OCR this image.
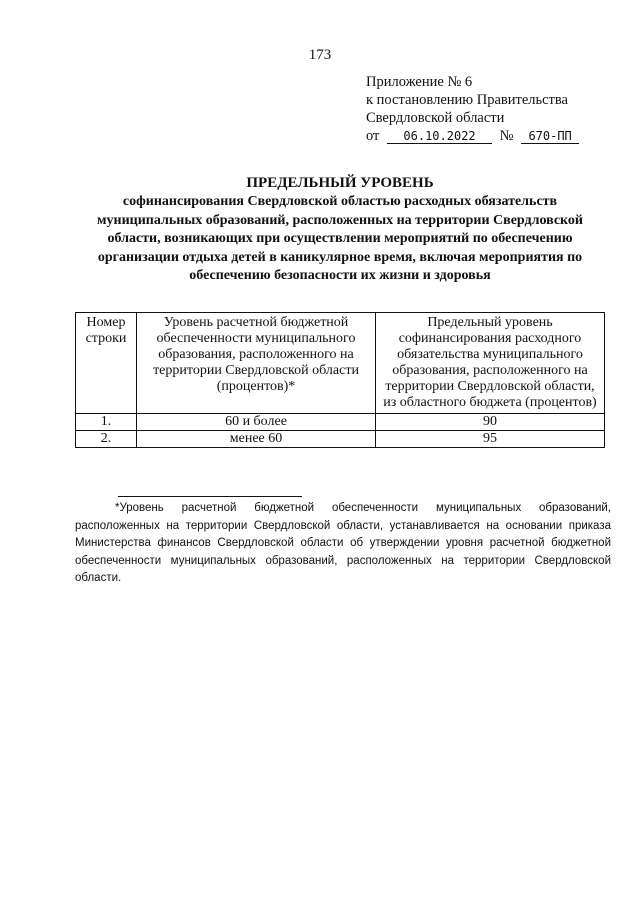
173
Приложение № 6
к постановлению Правительства
Свердловской области
от 06.10.2022 № 670-ПП
ПРЕДЕЛЬНЫЙ УРОВЕНЬ
софинансирования Свердловской областью расходных обязательств муниципальных образований, расположенных на территории Свердловской области, возникающих при осуществлении мероприятий по обеспечению организации отдыха детей в каникулярное время, включая мероприятия по обеспечению безопасности их жизни и здоровья
Номер строки	Уровень расчетной бюджетной обеспеченности муниципального образования, расположенного на территории Свердловской области (процентов)*	Предельный уровень софинансирования расходного обязательства муниципального образования, расположенного на территории Свердловской области, из областного бюджета (процентов)
1.	60 и более	90
2.	менее 60	95
*Уровень расчетной бюджетной обеспеченности муниципальных образований, расположенных на территории Свердловской области, устанавливается на основании приказа Министерства финансов Свердловской области об утверждении уровня расчетной бюджетной обеспеченности муниципальных образований, расположенных на территории Свердловской области.
